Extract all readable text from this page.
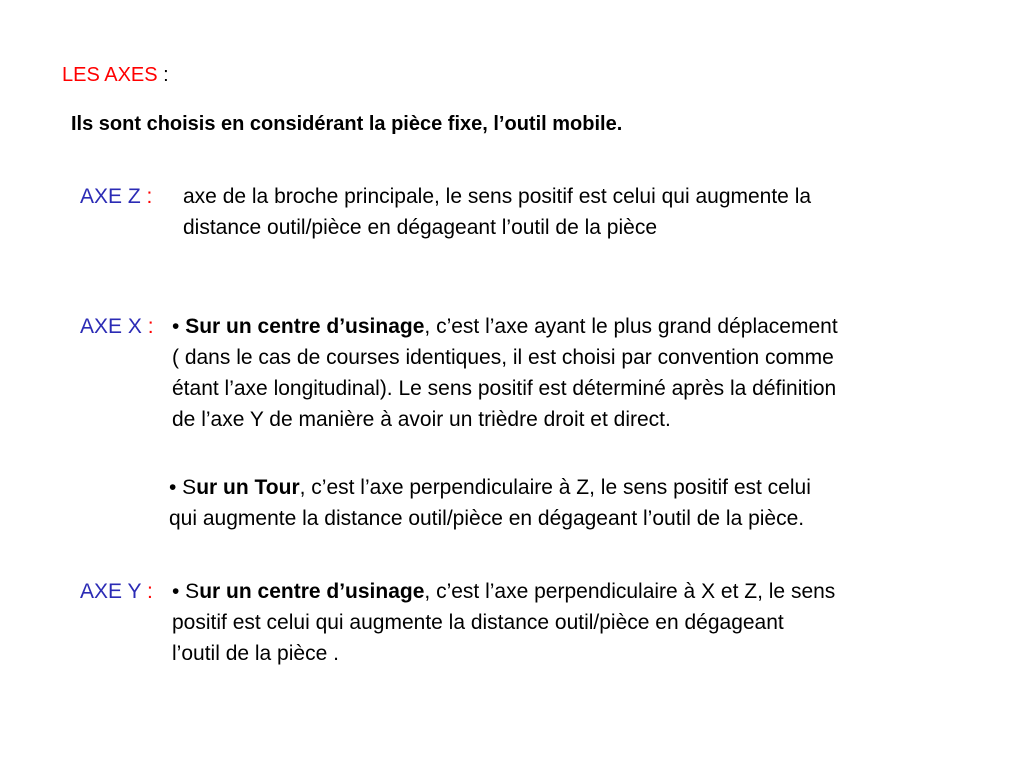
LES AXES :
Ils sont choisis en considérant la pièce fixe, l’outil mobile.
AXE Z : axe de la broche principale, le sens positif est celui qui augmente la
distance outil/pièce en dégageant l’outil de la pièce
AXE X : • Sur un centre d’usinage, c’est l’axe ayant le plus grand déplacement
( dans le cas de courses identiques, il est choisi par convention comme
étant l’axe longitudinal). Le sens positif est déterminé après la définition
de l’axe Y de manière à avoir un trièdre droit et direct.
• Sur un Tour, c’est l’axe perpendiculaire à Z, le sens positif est celui
qui augmente la distance outil/pièce en dégageant l’outil de la pièce.
AXE Y : • Sur un centre d’usinage, c’est l’axe perpendiculaire à X et Z, le sens
positif est celui qui augmente la distance outil/pièce en dégageant
l’outil de la pièce .
